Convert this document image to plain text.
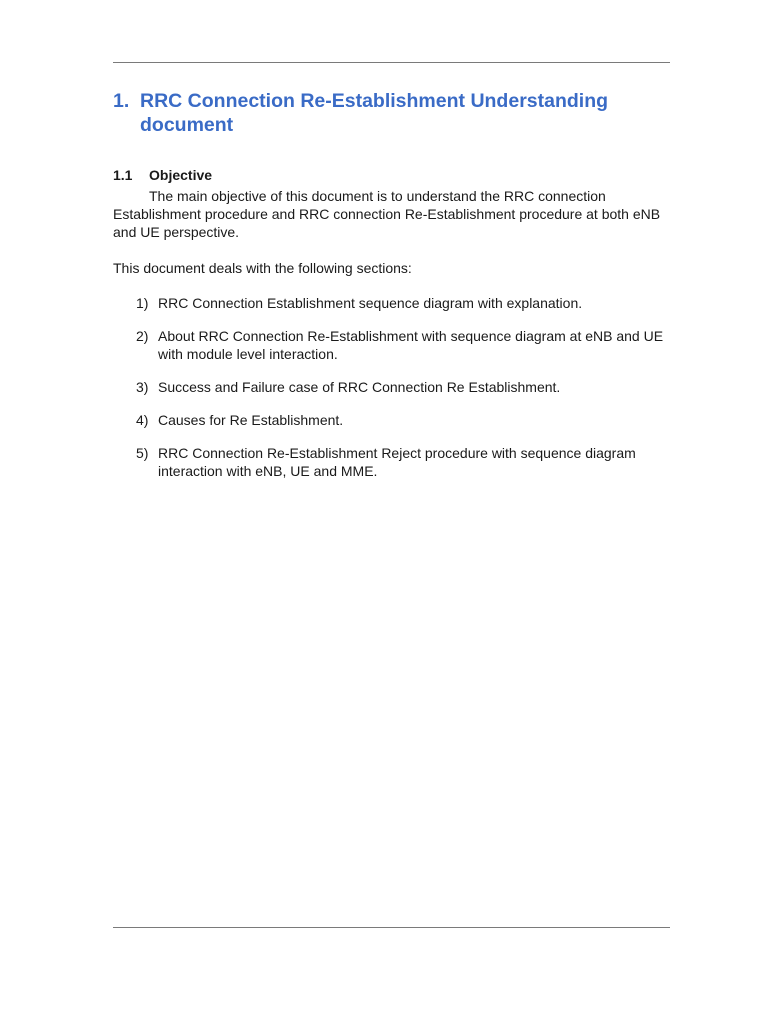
1. RRC Connection Re-Establishment Understanding document
1.1	Objective
The main objective of this document is to understand the RRC connection Establishment procedure and RRC connection Re-Establishment procedure at both eNB and UE perspective.
This document deals with the following sections:
1) RRC Connection Establishment sequence diagram with explanation.
2) About RRC Connection Re-Establishment with sequence diagram at eNB and UE with module level interaction.
3) Success and Failure case of RRC Connection Re Establishment.
4) Causes for Re Establishment.
5) RRC Connection Re-Establishment Reject procedure with sequence diagram interaction with eNB, UE and MME.
